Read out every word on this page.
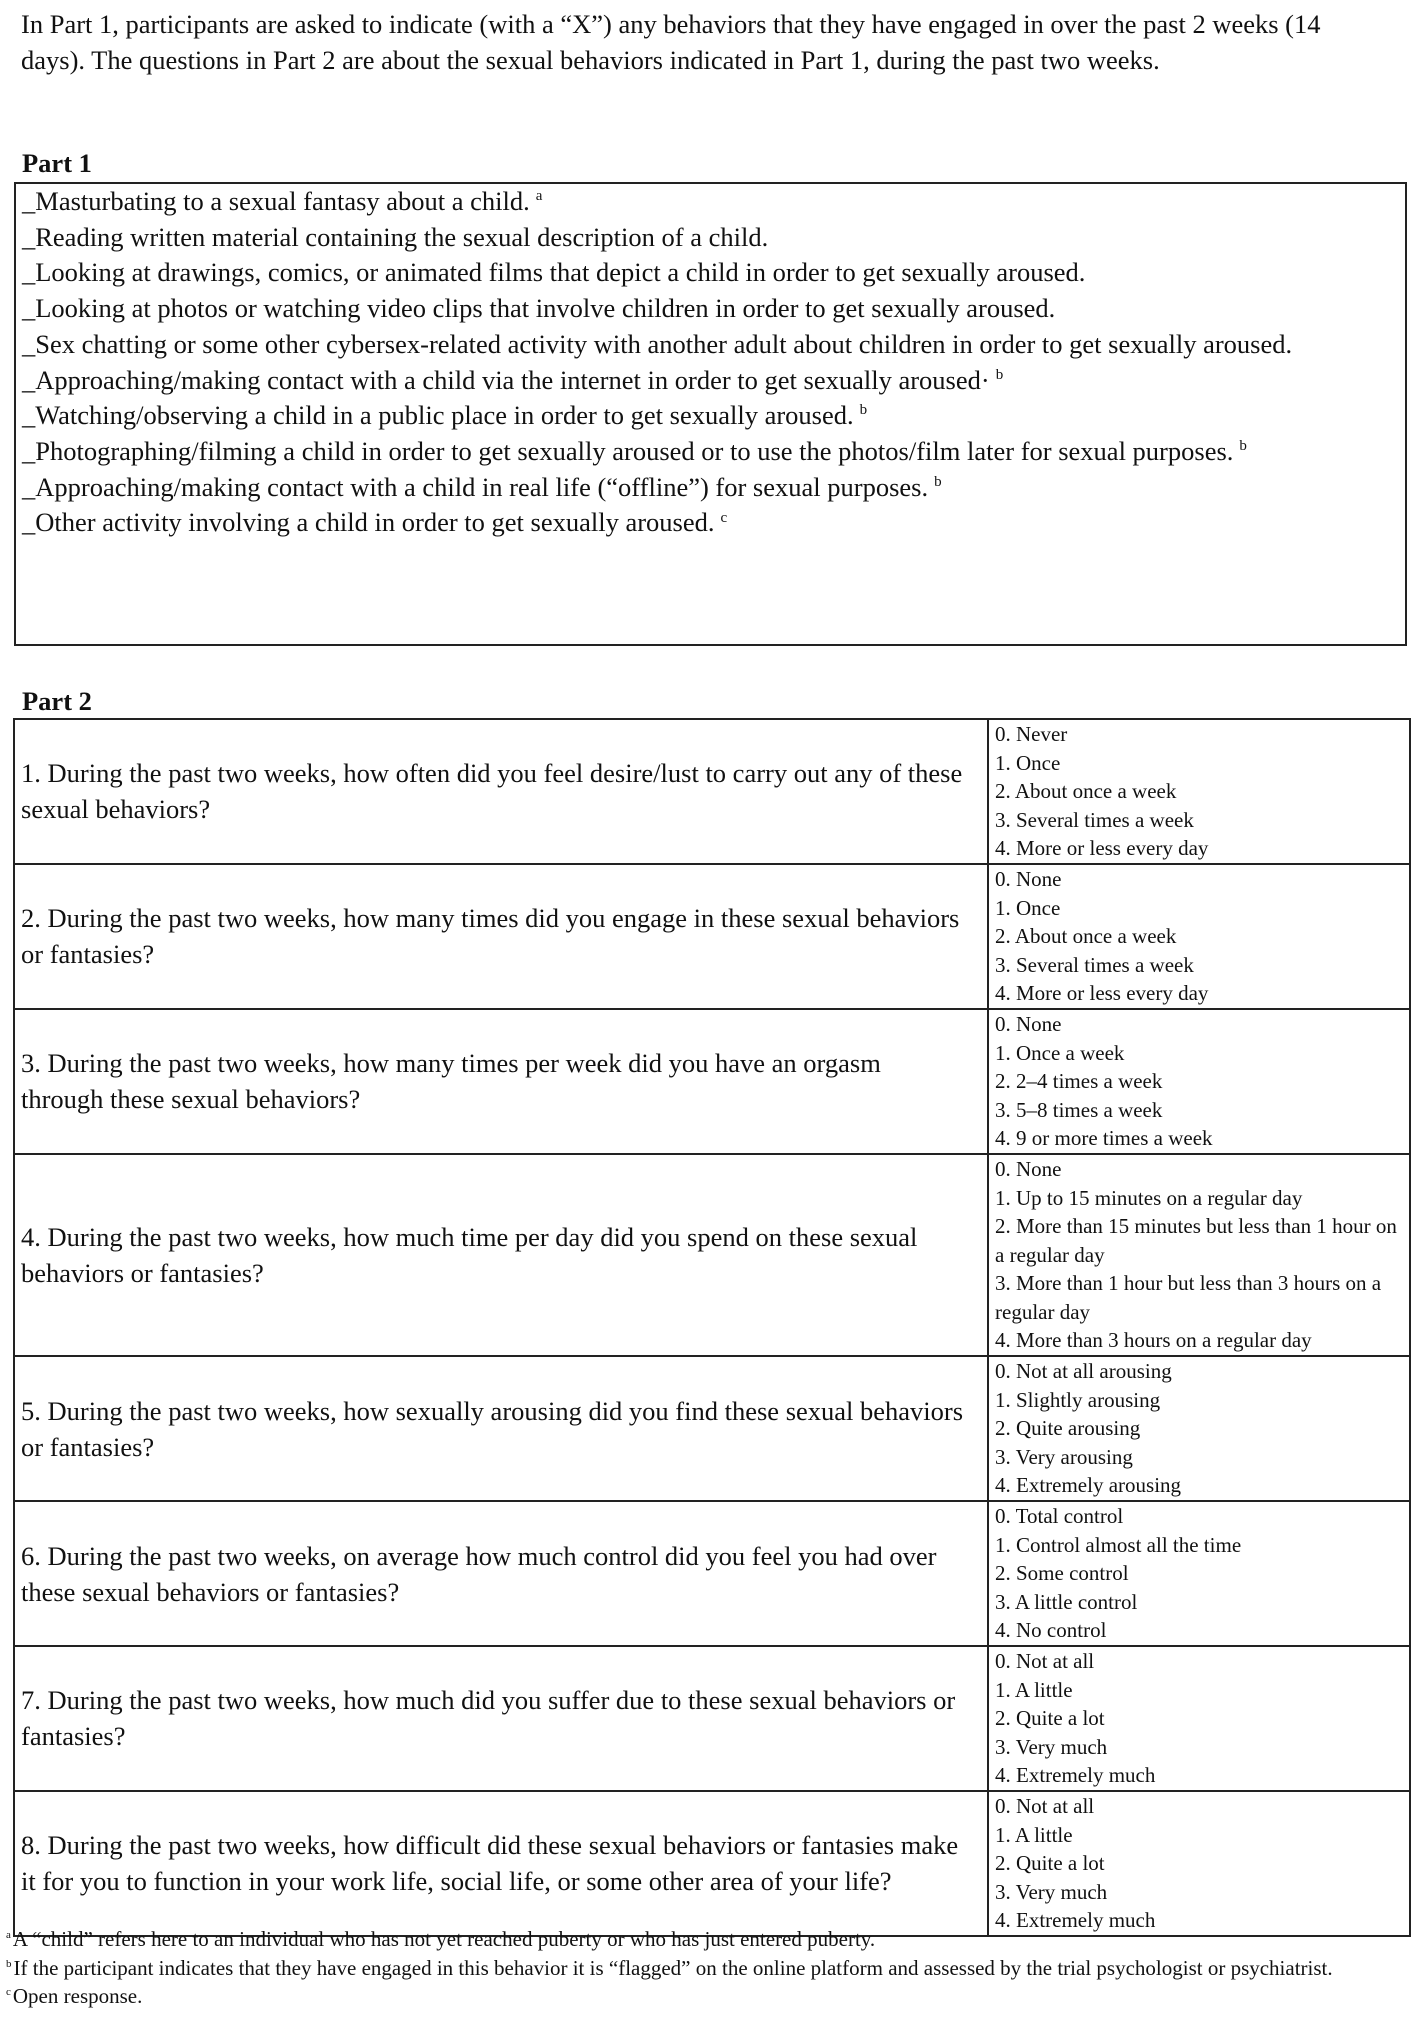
In Part 1, participants are asked to indicate (with a “X”) any behaviors that they have engaged in over the past 2 weeks (14 days). The questions in Part 2 are about the sexual behaviors indicated in Part 1, during the past two weeks.
Part 1
_Masturbating to a sexual fantasy about a child. $^a$
_Reading written material containing the sexual description of a child.
_Looking at drawings, comics, or animated films that depict a child in order to get sexually aroused.
_Looking at photos or watching video clips that involve children in order to get sexually aroused.
_Sex chatting or some other cybersex-related activity with another adult about children in order to get sexually aroused.
_Approaching/making contact with a child via the internet in order to get sexually aroused· $^b$
_Watching/observing a child in a public place in order to get sexually aroused. $^b$
_Photographing/filming a child in order to get sexually aroused or to use the photos/film later for sexual purposes. $^b$
_Approaching/making contact with a child in real life (“offline”) for sexual purposes. $^b$
_Other activity involving a child in order to get sexually aroused. $^c$
Part 2
1. During the past two weeks, how often did you feel desire/lust to carry out any of these sexual behaviors?	0. Never
1. Once
2. About once a week
3. Several times a week
4. More or less every day

2. During the past two weeks, how many times did you engage in these sexual behaviors or fantasies?	0. None
1. Once
2. About once a week
3. Several times a week
4. More or less every day

3. During the past two weeks, how many times per week did you have an orgasm through these sexual behaviors?	0. None
1. Once a week
2. 2–4 times a week
3. 5–8 times a week
4. 9 or more times a week

4. During the past two weeks, how much time per day did you spend on these sexual behaviors or fantasies?	0. None
1. Up to 15 minutes on a regular day
2. More than 15 minutes but less than 1 hour on a regular day
3. More than 1 hour but less than 3 hours on a regular day
4. More than 3 hours on a regular day

5. During the past two weeks, how sexually arousing did you find these sexual behaviors or fantasies?	0. Not at all arousing
1. Slightly arousing
2. Quite arousing
3. Very arousing
4. Extremely arousing

6. During the past two weeks, on average how much control did you feel you had over these sexual behaviors or fantasies?	0. Total control
1. Control almost all the time
2. Some control
3. A little control
4. No control

7. During the past two weeks, how much did you suffer due to these sexual behaviors or fantasies?	0. Not at all
1. A little
2. Quite a lot
3. Very much
4. Extremely much

8. During the past two weeks, how difficult did these sexual behaviors or fantasies make it for you to function in your work life, social life, or some other area of your life?	0. Not at all
1. A little
2. Quite a lot
3. Very much
4. Extremely much
$^a$A “child” refers here to an individual who has not yet reached puberty or who has just entered puberty.
$^b$If the participant indicates that they have engaged in this behavior it is “flagged” on the online platform and assessed by the trial psychologist or psychiatrist.
$^c$Open response.
